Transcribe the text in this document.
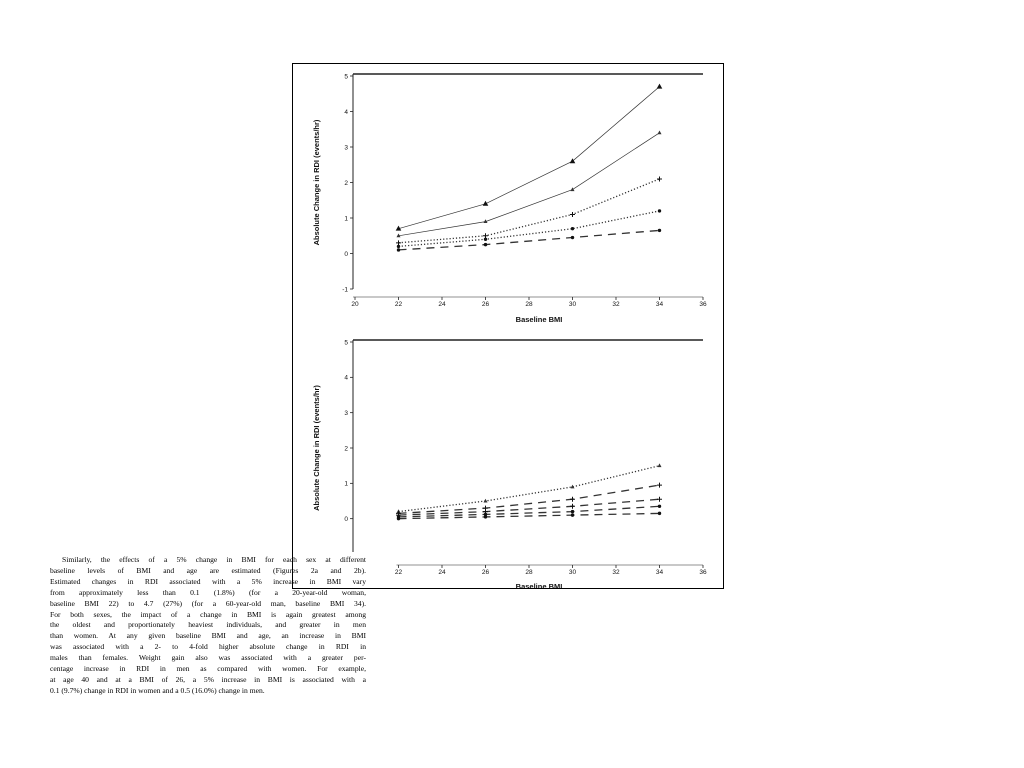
-1
0
1
2
3
4
5
20	22	24	26	28	30	32	34	36
Baseline BMI
Absolute Change in RDI (events/hr)
0
1
2
3
4
5
22	24	26	28	30	32	34	36
Baseline BMI
Absolute Change in RDI (events/hr)
Similarly, the effects of a 5% change in BMI for each sex at different
baseline levels of BMI and age are estimated (Figures 2a and 2b).
Estimated changes in RDI associated with a 5% increase in BMI vary
from approximately less than 0.1 (1.8%) (for a 20-year-old woman,
baseline BMI 22) to 4.7 (27%) (for a 60-year-old man, baseline BMI 34).
For both sexes, the impact of a change in BMI is again greatest among
the oldest and proportionately heaviest individuals, and greater in men
than women. At any given baseline BMI and age, an increase in BMI
was associated with a 2- to 4-fold higher absolute change in RDI in
males than females. Weight gain also was associated with a greater per-
centage increase in RDI in men as compared with women. For example,
at age 40 and at a BMI of 26, a 5% increase in BMI is associated with a
0.1 (9.7%) change in RDI in women and a 0.5 (16.0%) change in men.
